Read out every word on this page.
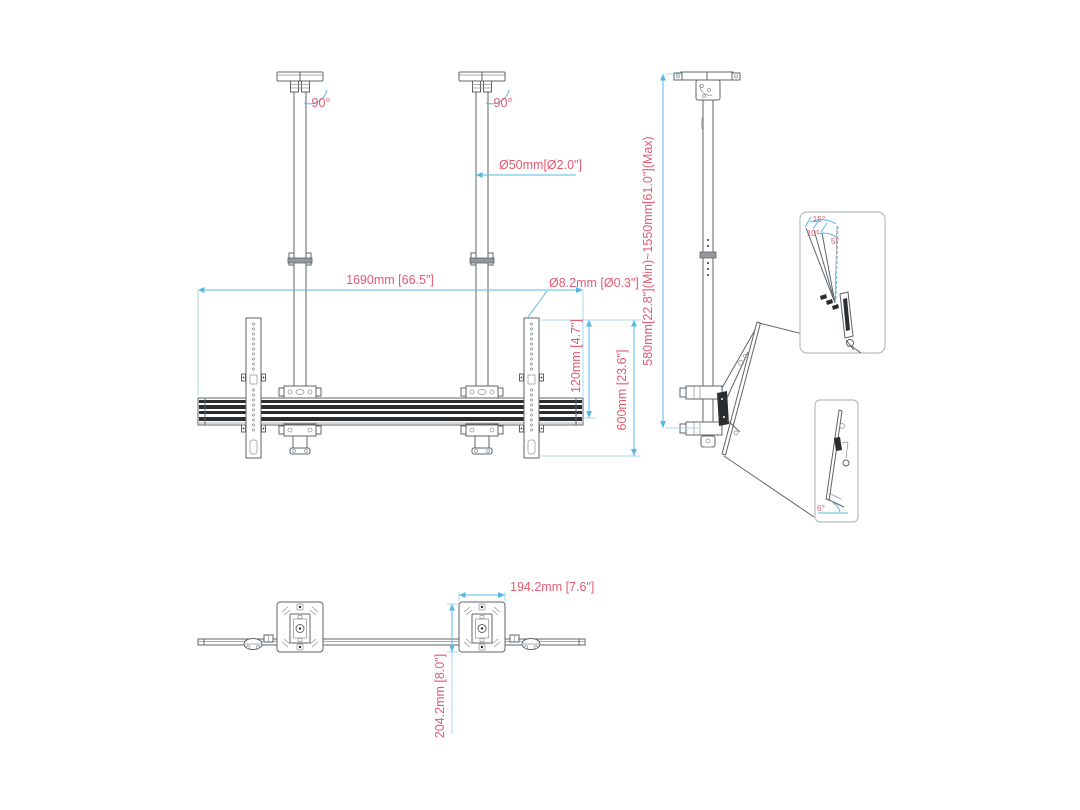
90°	90°
Ø50mm[Ø2.0"]
1690mm [66.5"]	Ø8.2mm [Ø0.3"]
120mm [4.7"]	600mm [23.6"]
580mm[22.8"](Min)~1550mm[61.0"](Max)	15°
10°
5°
6°
194.2mm [7.6"]
204.2mm [8.0"]
